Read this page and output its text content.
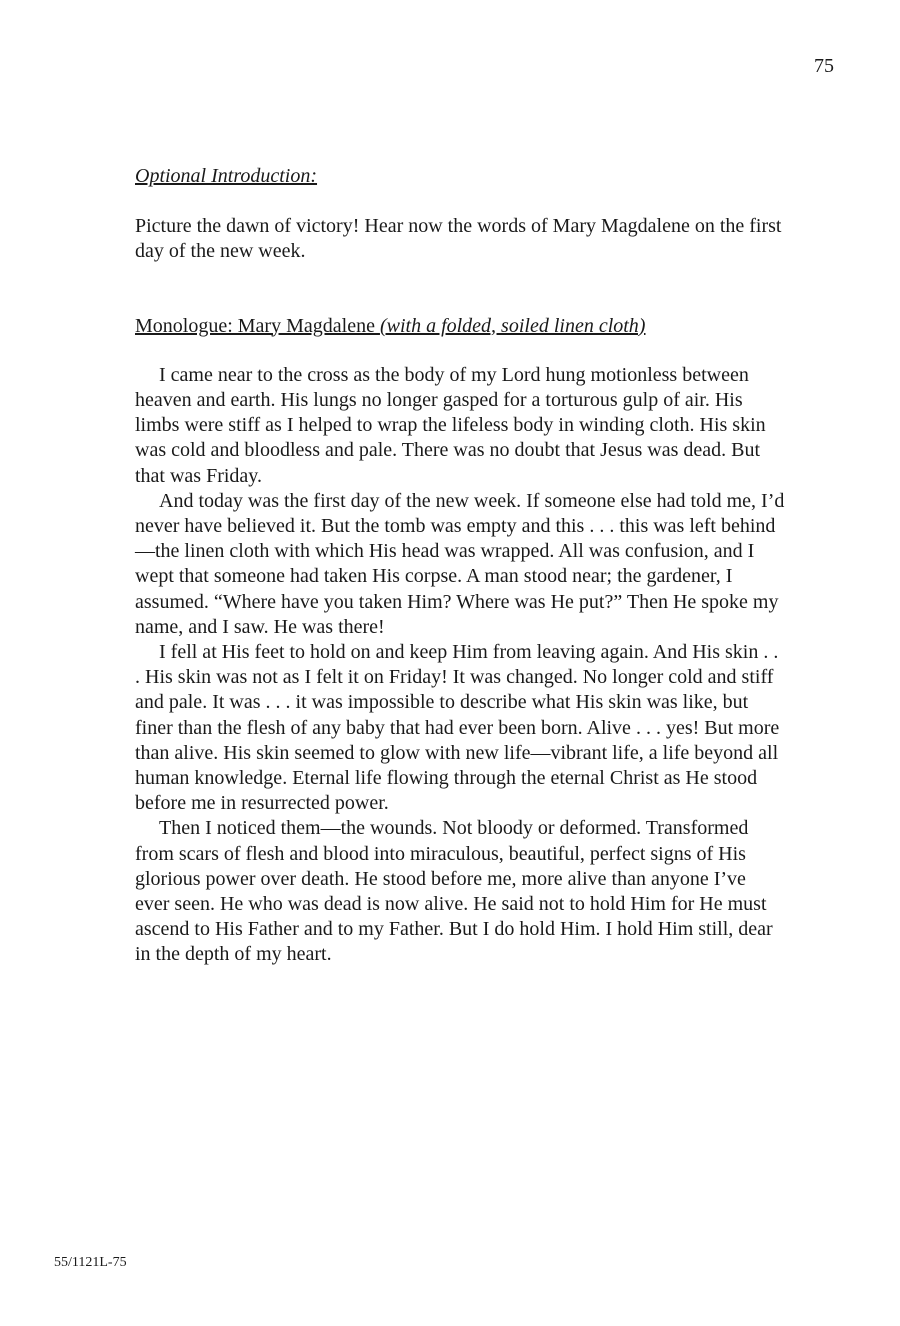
75

Optional Introduction:

Picture the dawn of victory! Hear now the words of Mary Magdalene on the first day of the new week.

Monologue: Mary Magdalene (with a folded, soiled linen cloth)

I came near to the cross as the body of my Lord hung motionless between heaven and earth. His lungs no longer gasped for a torturous gulp of air. His limbs were stiff as I helped to wrap the lifeless body in winding cloth. His skin was cold and bloodless and pale. There was no doubt that Jesus was dead. But that was Friday.

And today was the first day of the new week. If someone else had told me, I’d never have believed it. But the tomb was empty and this . . . this was left behind—the linen cloth with which His head was wrapped. All was confusion, and I wept that someone had taken His corpse. A man stood near; the gardener, I assumed. “Where have you taken Him? Where was He put?” Then He spoke my name, and I saw. He was there!

I fell at His feet to hold on and keep Him from leaving again. And His skin . . . His skin was not as I felt it on Friday! It was changed. No longer cold and stiff and pale. It was . . . it was impossible to describe what His skin was like, but finer than the flesh of any baby that had ever been born. Alive . . . yes! But more than alive. His skin seemed to glow with new life—vibrant life, a life beyond all human knowledge. Eternal life flowing through the eternal Christ as He stood before me in resurrected power.

Then I noticed them—the wounds. Not bloody or deformed. Transformed from scars of flesh and blood into miraculous, beautiful, perfect signs of His glorious power over death. He stood before me, more alive than anyone I’ve ever seen. He who was dead is now alive. He said not to hold Him for He must ascend to His Father and to my Father. But I do hold Him. I hold Him still, dear in the depth of my heart.

55/1121L-75
